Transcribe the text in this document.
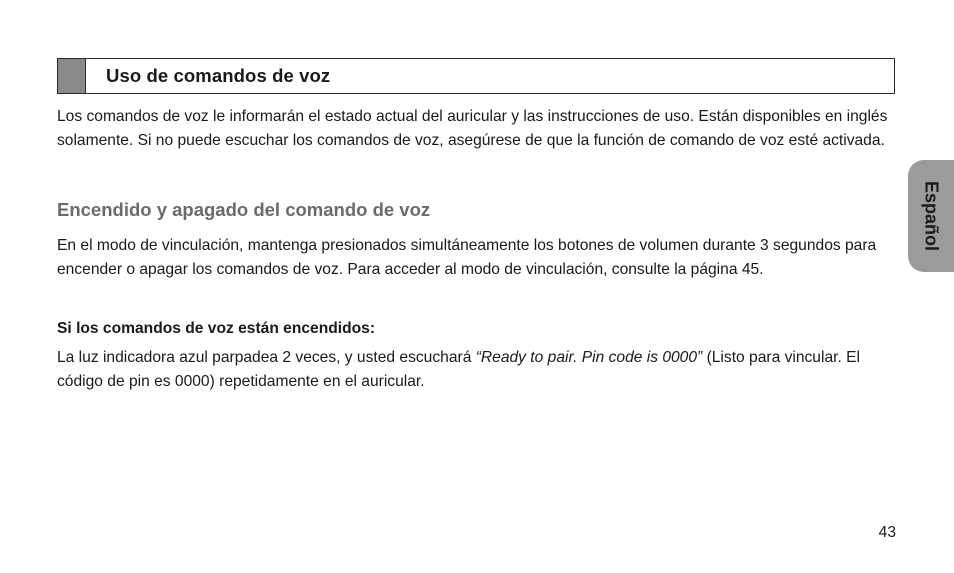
Uso de comandos de voz

Los comandos de voz le informarán el estado actual del auricular y las instrucciones de uso. Están disponibles en inglés solamente. Si no puede escuchar los comandos de voz, asegúrese de que la función de comando de voz esté activada.

Encendido y apagado del comando de voz

En el modo de vinculación, mantenga presionados simultáneamente los botones de volumen durante 3 segundos para encender o apagar los comandos de voz. Para acceder al modo de vinculación, consulte la página 45.

Si los comandos de voz están encendidos:

La luz indicadora azul parpadea 2 veces, y usted escuchará “Ready to pair. Pin code is 0000” (Listo para vincular. El código de pin es 0000) repetidamente en el auricular.

Español
43
